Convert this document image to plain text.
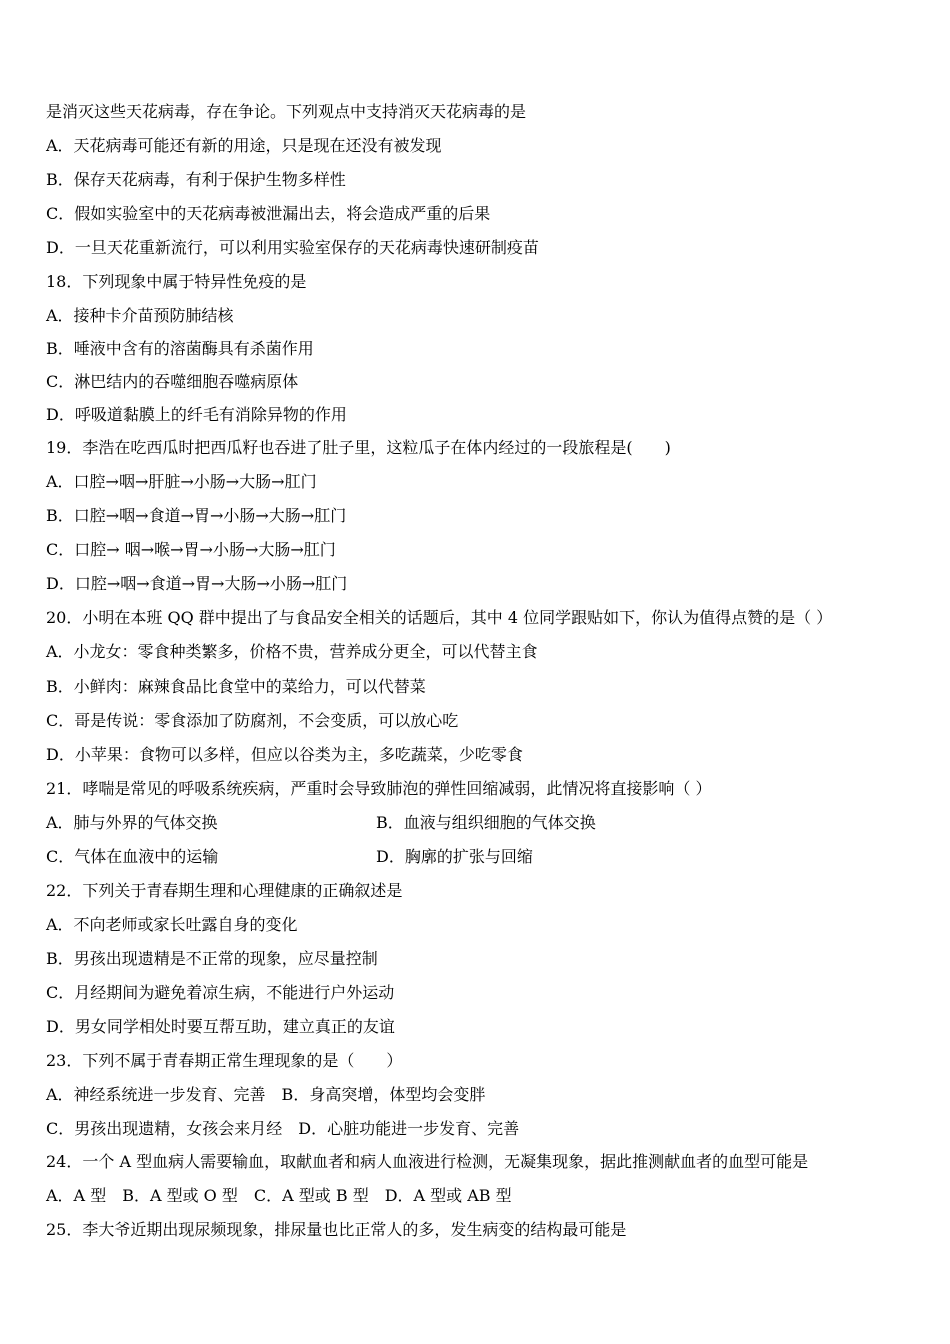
是消灭这些天花病毒，存在争论。下列观点中支持消灭天花病毒的是
A．天花病毒可能还有新的用途，只是现在还没有被发现
B．保存天花病毒，有利于保护生物多样性
C．假如实验室中的天花病毒被泄漏出去，将会造成严重的后果
D．一旦天花重新流行，可以利用实验室保存的天花病毒快速研制疫苗
18．下列现象中属于特异性免疫的是
A．接种卡介苗预防肺结核
B．唾液中含有的溶菌酶具有杀菌作用
C．淋巴结内的吞噬细胞吞噬病原体
D．呼吸道黏膜上的纤毛有消除异物的作用
19．李浩在吃西瓜时把西瓜籽也吞进了肚子里，这粒瓜子在体内经过的一段旅程是(　　)
A．口腔→咽→肝脏→小肠→大肠→肛门
B．口腔→咽→食道→胃→小肠→大肠→肛门
C．口腔→ 咽→喉→胃→小肠→大肠→肛门
D．口腔→咽→食道→胃→大肠→小肠→肛门
20．小明在本班 QQ 群中提出了与食品安全相关的话题后，其中 4 位同学跟贴如下，你认为值得点赞的是（ ）
A．小龙女：零食种类繁多，价格不贵，营养成分更全，可以代替主食
B．小鲜肉：麻辣食品比食堂中的菜给力，可以代替菜
C．哥是传说：零食添加了防腐剂，不会变质，可以放心吃
D．小苹果：食物可以多样，但应以谷类为主，多吃蔬菜，少吃零食
21．哮喘是常见的呼吸系统疾病，严重时会导致肺泡的弹性回缩减弱，此情况将直接影响（ ）
A．肺与外界的气体交换	B．血液与组织细胞的气体交换
C．气体在血液中的运输	D．胸廓的扩张与回缩
22．下列关于青春期生理和心理健康的正确叙述是
A．不向老师或家长吐露自身的变化
B．男孩出现遗精是不正常的现象，应尽量控制
C．月经期间为避免着凉生病，不能进行户外运动
D．男女同学相处时要互帮互助，建立真正的友谊
23．下列不属于青春期正常生理现象的是（　　）
A．神经系统进一步发育、完善　B．身高突增，体型均会变胖
C．男孩出现遗精，女孩会来月经　D．心脏功能进一步发育、完善
24．一个 A 型血病人需要输血，取献血者和病人血液进行检测，无凝集现象，据此推测献血者的血型可能是
A．A 型　B．A 型或 O 型　C．A 型或 B 型　D．A 型或 AB 型
25．李大爷近期出现尿频现象，排尿量也比正常人的多，发生病变的结构最可能是
